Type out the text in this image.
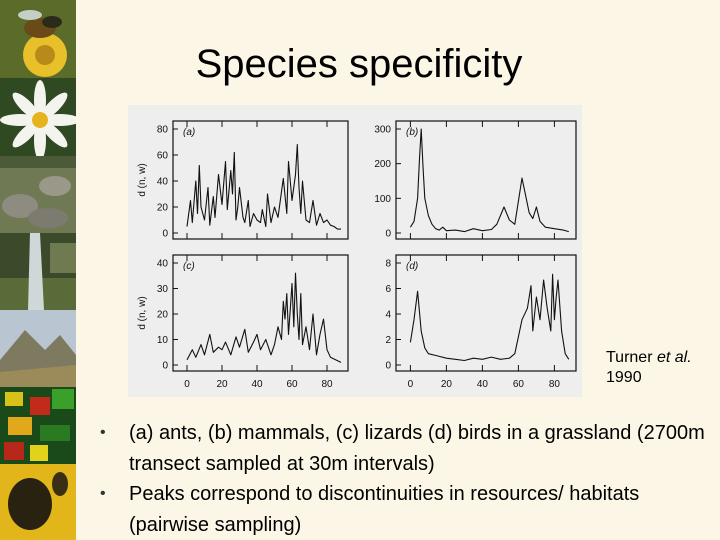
Species specificity
(a)
80
60
40
20
0
d (n, w)
(b)
300
200
100
0
(c)
40
30
20
10
0
d (n, w)
(d)
8
6
4
2
0
0	20 40 60 80	0	20 40 60 80
Turner et al.
1990
• (a) ants, (b) mammals, (c) lizards (d) birds in a grassland (2700m transect sampled at 30m intervals)
• Peaks correspond to discontinuities in resources/ habitats (pairwise sampling)
